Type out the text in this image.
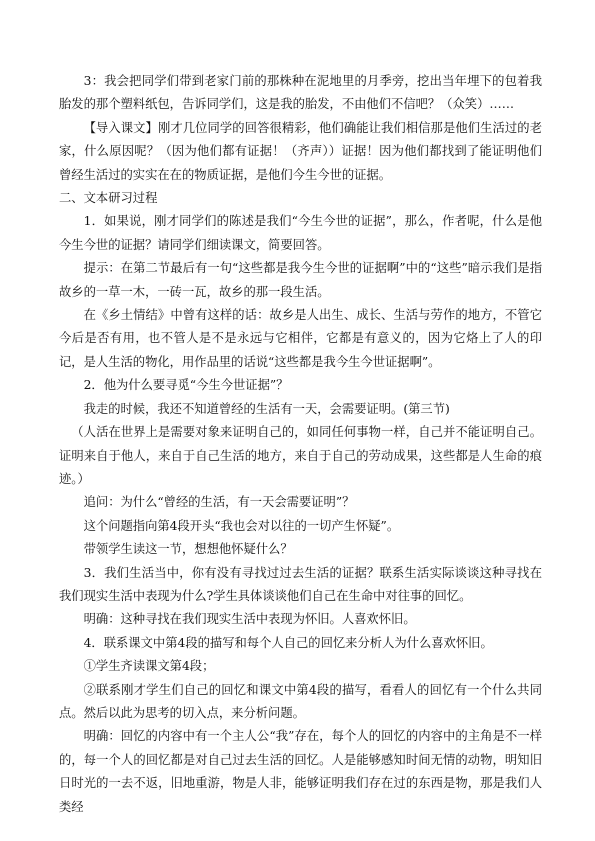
3：我会把同学们带到老家门前的那株种在泥地里的月季旁，挖出当年埋下的包着我胎发的那个塑料纸包，告诉同学们，这是我的胎发，不由他们不信吧？（众笑）……

【导入课文】刚才几位同学的回答很精彩，他们确能让我们相信那是他们生活过的老家，什么原因呢？（因为他们都有证据！（齐声））证据！因为他们都找到了能证明他们曾经生活过的实实在在的物质证据，是他们今生今世的证据。

二、文本研习过程

1．如果说，刚才同学们的陈述是我们“今生今世的证据”，那么，作者呢，什么是他今生今世的证据？请同学们细读课文，简要回答。

提示：在第二节最后有一句“这些都是我今生今世的证据啊”中的“这些”暗示我们是指故乡的一草一木，一砖一瓦，故乡的那一段生活。

在《乡土情结》中曾有这样的话：故乡是人出生、成长、生活与劳作的地方，不管它今后是否有用，也不管人是不是永远与它相伴，它都是有意义的，因为它烙上了人的印记，是人生活的物化，用作品里的话说“这些都是我今生今世证据啊”。

2．他为什么要寻觅“今生今世证据”？

我走的时候，我还不知道曾经的生活有一天，会需要证明。(第三节)

（人活在世界上是需要对象来证明自己的，如同任何事物一样，自己并不能证明自己。证明来自于他人，来自于自己生活的地方，来自于自己的劳动成果，这些都是人生命的痕迹。）

追问：为什么“曾经的生活，有一天会需要证明”？

这个问题指向第4段开头“我也会对以往的一切产生怀疑”。

带领学生读这一节，想想他怀疑什么？

3．我们生活当中，你有没有寻找过过去生活的证据？联系生活实际谈谈这种寻找在我们现实生活中表现为什么?学生具体谈谈他们自己在生命中对往事的回忆。

明确：这种寻找在我们现实生活中表现为怀旧。人喜欢怀旧。

4．联系课文中第4段的描写和每个人自己的回忆来分析人为什么喜欢怀旧。

①学生齐读课文第4段；

②联系刚才学生们自己的回忆和课文中第4段的描写，看看人的回忆有一个什么共同点。然后以此为思考的切入点，来分析问题。

明确：回忆的内容中有一个主人公“我”存在，每个人的回忆的内容中的主角是不一样的，每一个人的回忆都是对自己过去生活的回忆。人是能够感知时间无情的动物，明知旧日时光的一去不返，旧地重游，物是人非，能够证明我们存在过的东西是物，那是我们人类经
